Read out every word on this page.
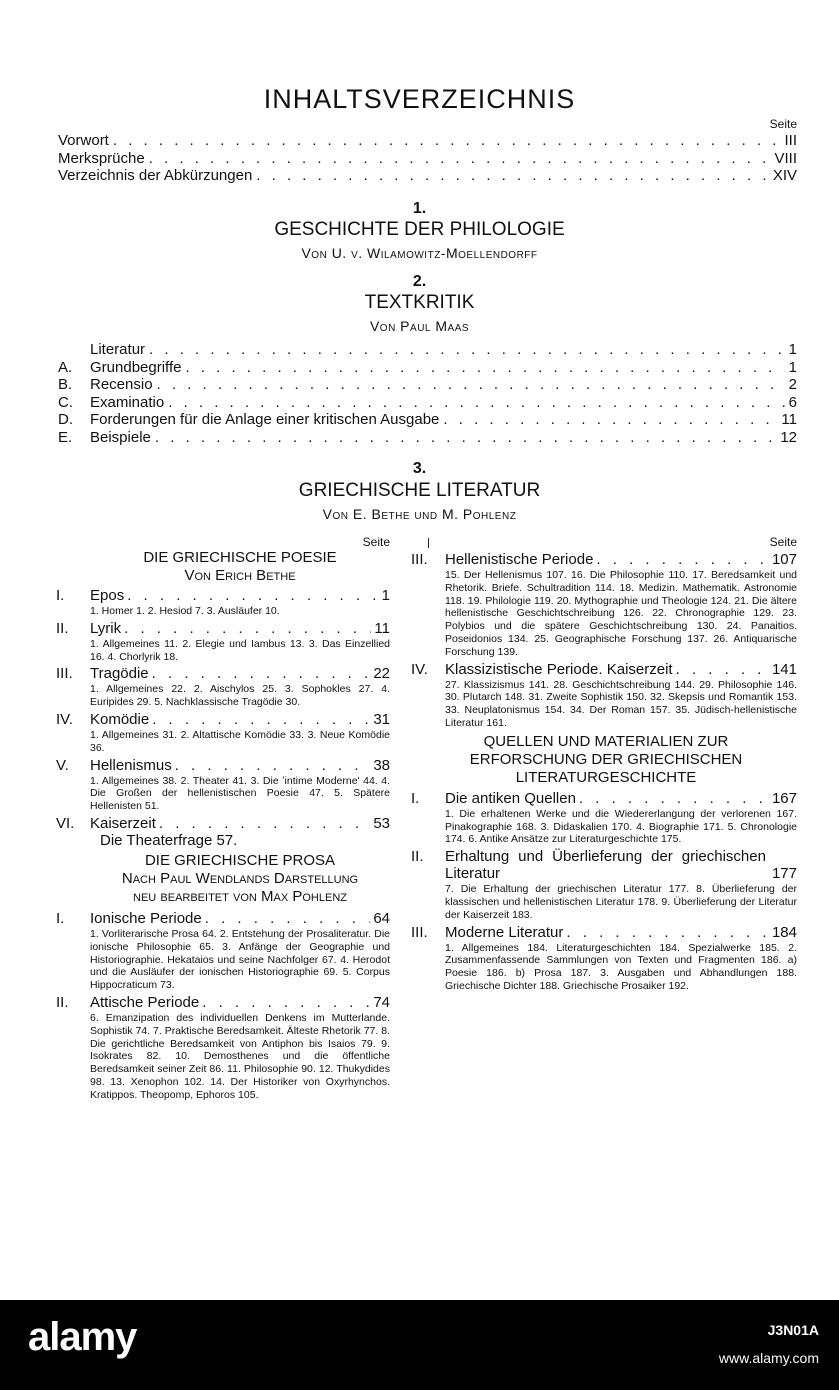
INHALTSVERZEICHNIS
Seite
Vorwort . . .	III
Merksprüche . . .	VIII
Verzeichnis der Abkürzungen . . .	XIV
1.
GESCHICHTE DER PHILOLOGIE
Von U. v. Wilamowitz-Moellendorff
2.
TEXTKRITIK
Von Paul Maas
Literatur . . .	1
A.	Grundbegriffe . . .	1
B.	Recensio . . .	2
C.	Examinatio . . .	6
D.	Forderungen für die Anlage einer kritischen Ausgabe . . .	11
E.	Beispiele . . .	12
3.
GRIECHISCHE LITERATUR
Von E. Bethe und M. Pohlenz
Seite
DIE GRIECHISCHE POESIE
Von Erich Bethe
I.	Epos . . .	1
1. Homer 1. 2. Hesiod 7. 3. Ausläufer 10.
II.	Lyrik . . .	11
1. Allgemeines 11. 2. Elegie und Iambus 13. 3. Das Einzellied 16. 4. Chorlyrik 18.
III.	Tragödie . . .	22
1. Allgemeines 22. 2. Aischylos 25. 3. Sophokles 27. 4. Euripides 29. 5. Nachklassische Tragödie 30.
IV.	Komödie . . .	31
1. Allgemeines 31. 2. Altattische Komödie 33. 3. Neue Komödie 36.
V.	Hellenismus . . .	38
1. Allgemeines 38. 2. Theater 41. 3. Die ʽintime Moderne' 44. 4. Die Großen der hellenistischen Poesie 47. 5. Spätere Hellenisten 51.
VI.	Kaiserzeit . . .	53
Die Theaterfrage 57.
DIE GRIECHISCHE PROSA
Nach Paul Wendlands Darstellung
neu bearbeitet von Max Pohlenz
I.	Ionische Periode . . .	64
1. Vorliterarische Prosa 64. 2. Entstehung der Prosaliteratur. Die ionische Philosophie 65. 3. Anfänge der Geographie und Historiographie. Hekataios und seine Nachfolger 67. 4. Herodot und die Ausläufer der ionischen Historiographie 69. 5. Corpus Hippocraticum 73.
II.	Attische Periode . . .	74
6. Emanzipation des individuellen Denkens im Mutterlande. Sophistik 74. 7. Praktische Beredsamkeit. Älteste Rhetorik 77. 8. Die gerichtliche Beredsamkeit von Antiphon bis Isaios 79. 9. Isokrates 82. 10. Demosthenes und die öffentliche Beredsamkeit seiner Zeit 86. 11. Philosophie 90. 12. Thukydides 98. 13. Xenophon 102. 14. Der Historiker von Oxyrhynchos. Kratippos. Theopomp, Ephoros 105.
Seite
III.	Hellenistische Periode . . .	107
15. Der Hellenismus 107. 16. Die Philosophie 110. 17. Beredsamkeit und Rhetorik. Briefe. Schultradition 114. 18. Medizin. Mathematik. Astronomie 118. 19. Philologie 119. 20. Mythographie und Theologie 124. 21. Die ältere hellenistische Geschichtschreibung 126. 22. Chronographie 129. 23. Polybios und die spätere Geschichtschreibung 130. 24. Panaitios. Poseidonios 134. 25. Geographische Forschung 137. 26. Antiquarische Forschung 139.
IV.	Klassizistische Periode. Kaiserzeit . . .	141
27. Klassizismus 141. 28. Geschichtschreibung 144. 29. Philosophie 146. 30. Plutarch 148. 31. Zweite Sophistik 150. 32. Skepsis und Romantik 153. 33. Neuplatonismus 154. 34. Der Roman 157. 35. Jüdisch-hellenistische Literatur 161.
QUELLEN UND MATERIALIEN ZUR
ERFORSCHUNG DER GRIECHISCHEN
LITERATURGESCHICHTE
I.	Die antiken Quellen . . .	167
1. Die erhaltenen Werke und die Wiedererlangung der verlorenen 167. Pinakographie 168. 3. Didaskalien 170. 4. Biographie 171. 5. Chronologie 174. 6. Antike Ansätze zur Literaturgeschichte 175.
II.	Erhaltung und Überlieferung der griechischen Literatur	177
7. Die Erhaltung der griechischen Literatur 177. 8. Überlieferung der klassischen und hellenistischen Literatur 178. 9. Überlieferung der Literatur der Kaiserzeit 183.
III.	Moderne Literatur . . .	184
1. Allgemeines 184. Literaturgeschichten 184. Spezialwerke 185. 2. Zusammenfassende Sammlungen von Texten und Fragmenten 186. a) Poesie 186. b) Prosa 187. 3. Ausgaben und Abhandlungen 188. Griechische Dichter 188. Griechische Prosaiker 192.
alamy	J3N01A
www.alamy.com
